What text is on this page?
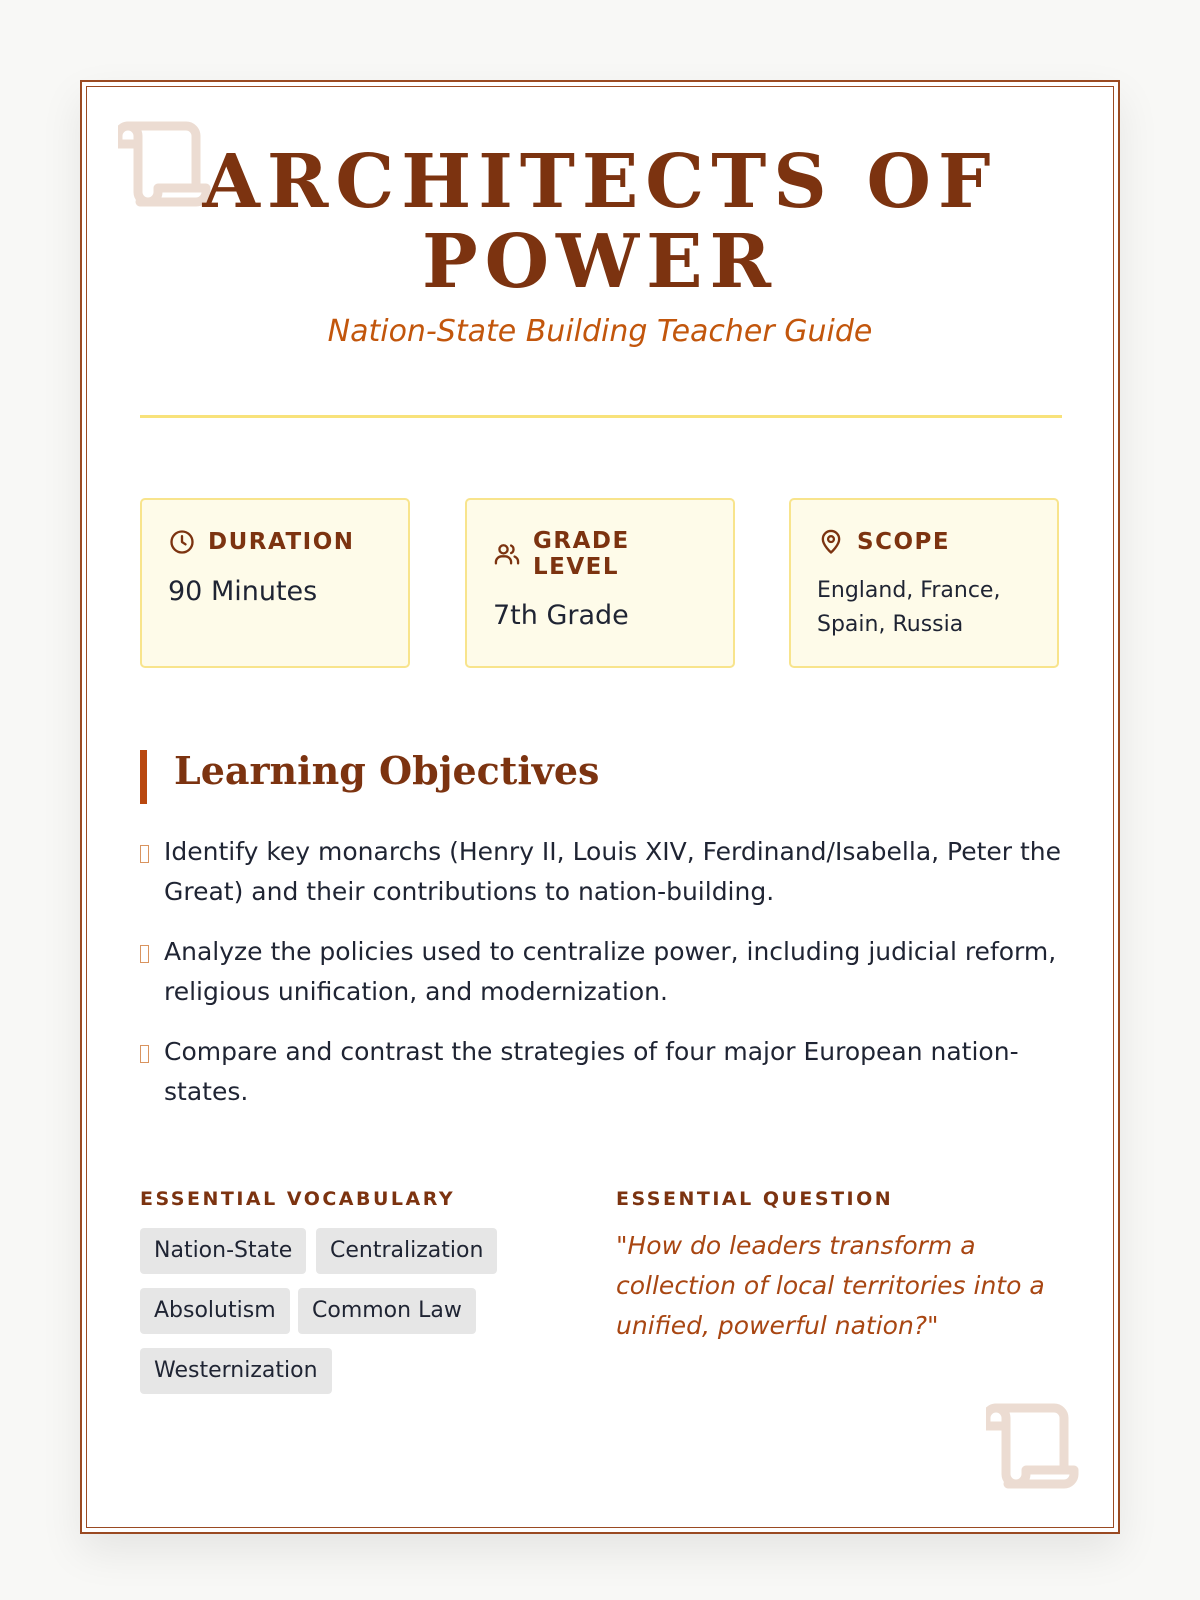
ARCHITECTS OF POWER
Nation-State Building Teacher Guide
DURATION
90 Minutes
GRADE LEVEL
7th Grade
SCOPE
England, France, Spain, Russia
Learning Objectives
Identify key monarchs (Henry II, Louis XIV, Ferdinand/Isabella, Peter the Great) and their contributions to nation-building.
Analyze the policies used to centralize power, including judicial reform, religious unification, and modernization.
Compare and contrast the strategies of four major European nation-states.
ESSENTIAL VOCABULARY
Nation-State	Centralization
Absolutism	Common Law
Westernization
ESSENTIAL QUESTION
"How do leaders transform a collection of local territories into a unified, powerful nation?"
